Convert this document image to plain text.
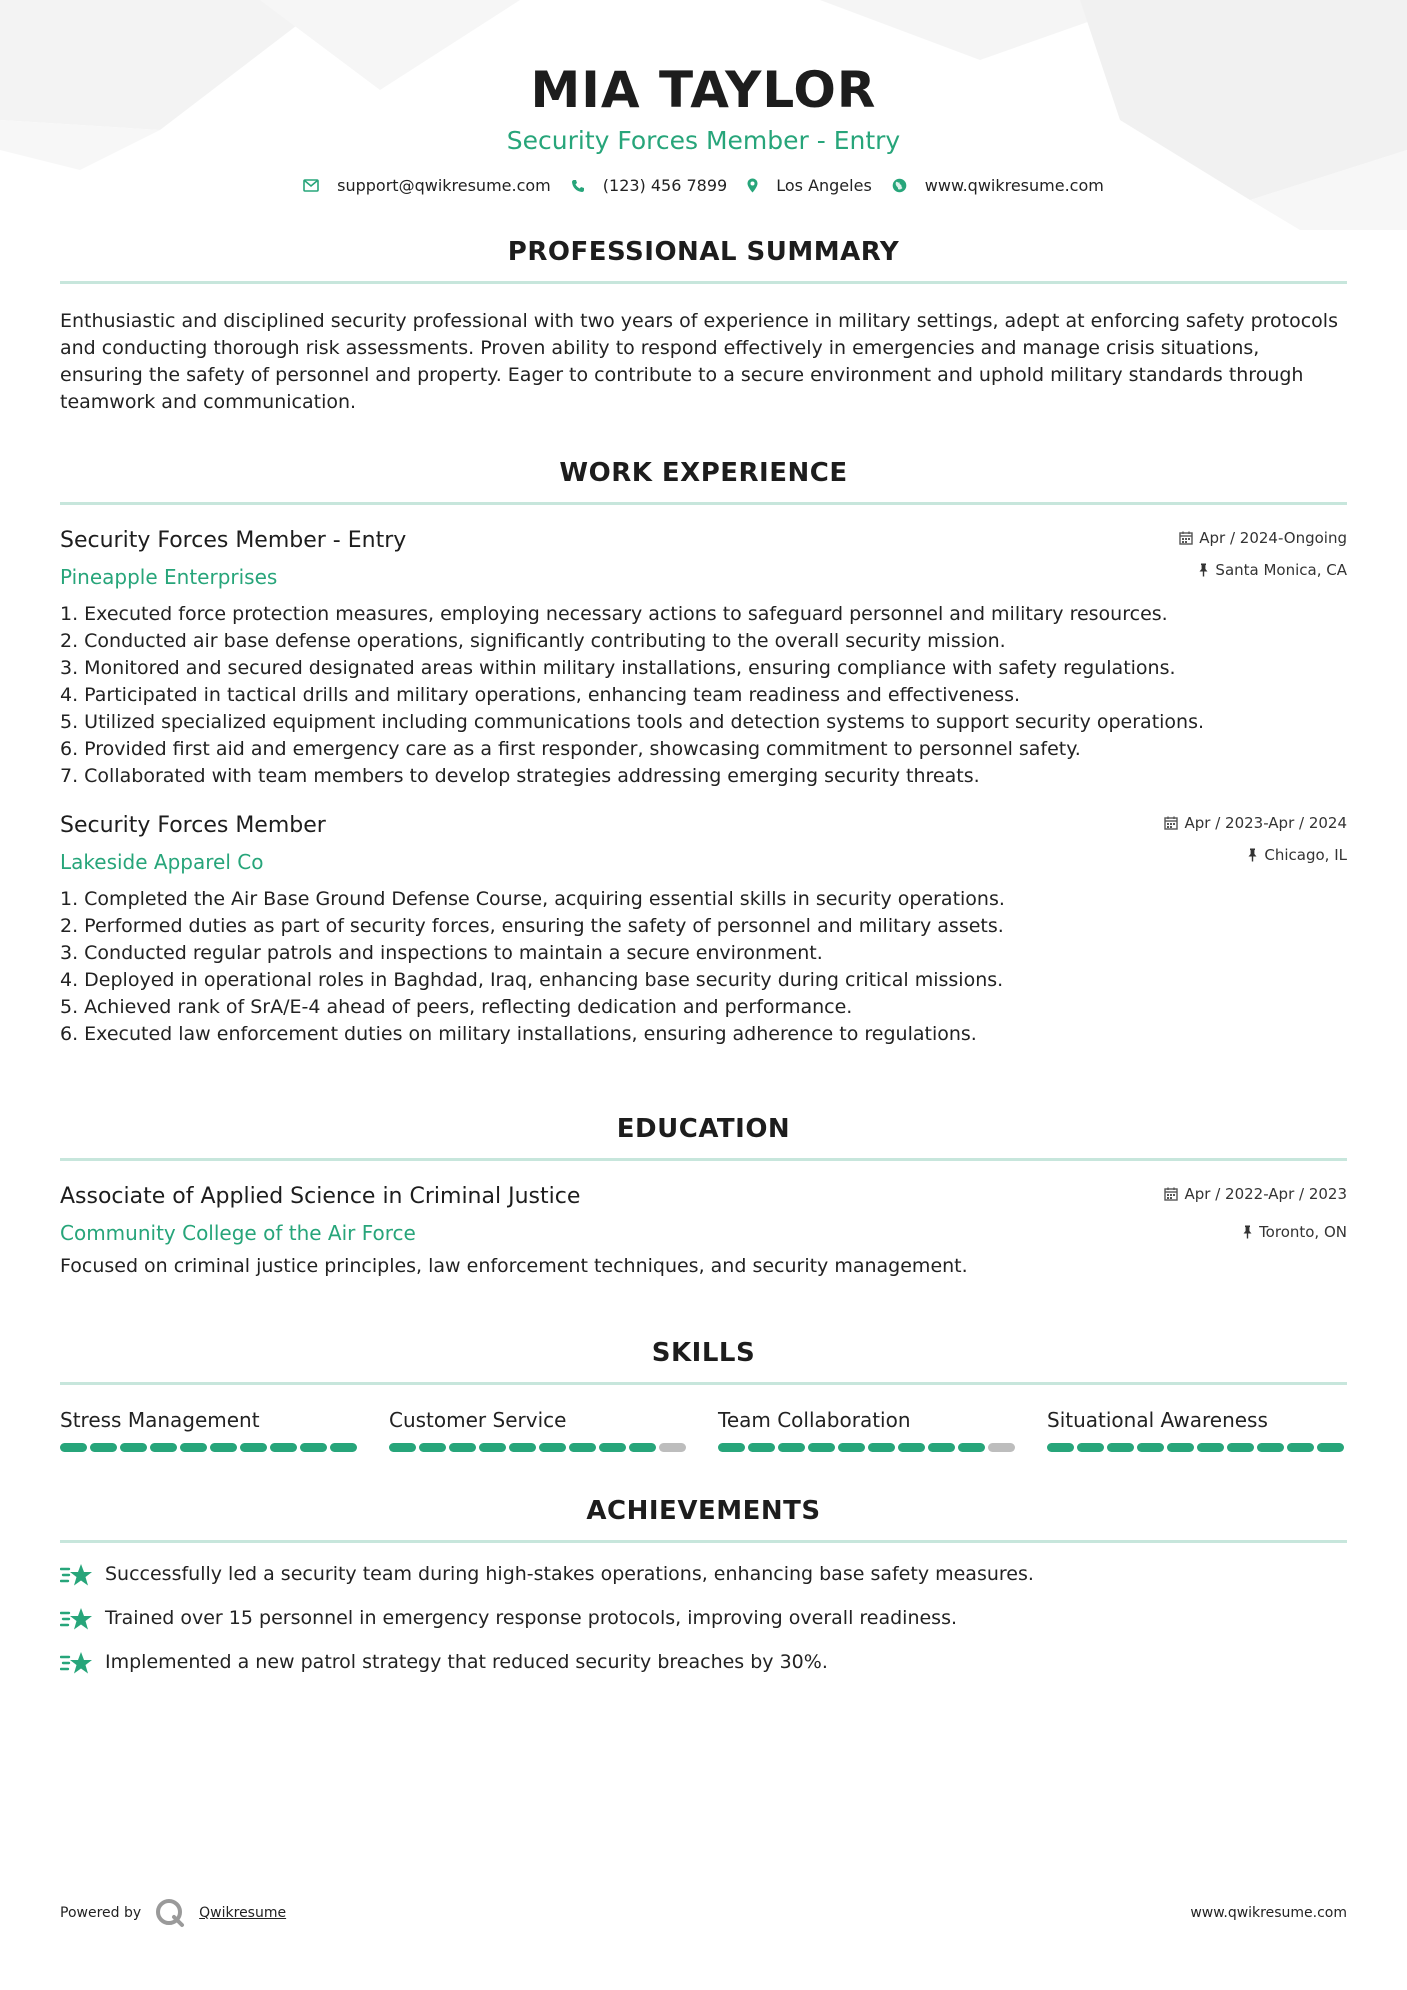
MIA TAYLOR
Security Forces Member - Entry
support@qwikresume.com	(123) 456 7899	Los Angeles	www.qwikresume.com
PROFESSIONAL SUMMARY

Enthusiastic and disciplined security professional with two years of experience in military settings, adept at enforcing safety protocols and conducting thorough risk assessments. Proven ability to respond effectively in emergencies and manage crisis situations, ensuring the safety of personnel and property. Eager to contribute to a secure environment and uphold military standards through teamwork and communication.

WORK EXPERIENCE
Security Forces Member - Entry
Pineapple Enterprises
Apr / 2024-Ongoing
Santa Monica, CA
1. Executed force protection measures, employing necessary actions to safeguard personnel and military resources.
2. Conducted air base defense operations, significantly contributing to the overall security mission.
3. Monitored and secured designated areas within military installations, ensuring compliance with safety regulations.
4. Participated in tactical drills and military operations, enhancing team readiness and effectiveness.
5. Utilized specialized equipment including communications tools and detection systems to support security operations.
6. Provided first aid and emergency care as a first responder, showcasing commitment to personnel safety.
7. Collaborated with team members to develop strategies addressing emerging security threats.
Security Forces Member
Lakeside Apparel Co
Apr / 2023-Apr / 2024
Chicago, IL
1. Completed the Air Base Ground Defense Course, acquiring essential skills in security operations.
2. Performed duties as part of security forces, ensuring the safety of personnel and military assets.
3. Conducted regular patrols and inspections to maintain a secure environment.
4. Deployed in operational roles in Baghdad, Iraq, enhancing base security during critical missions.
5. Achieved rank of SrA/E-4 ahead of peers, reflecting dedication and performance.
6. Executed law enforcement duties on military installations, ensuring adherence to regulations.
EDUCATION
Associate of Applied Science in Criminal Justice
Community College of the Air Force
Apr / 2022-Apr / 2023
Toronto, ON

Focused on criminal justice principles, law enforcement techniques, and security management.

SKILLS
Stress Management	Customer Service	Team Collaboration	Situational Awareness
ACHIEVEMENTS
Successfully led a security team during high-stakes operations, enhancing base safety measures.
Trained over 15 personnel in emergency response protocols, improving overall readiness.
Implemented a new patrol strategy that reduced security breaches by 30%.
Powered by	Qwikresume	www.qwikresume.com
